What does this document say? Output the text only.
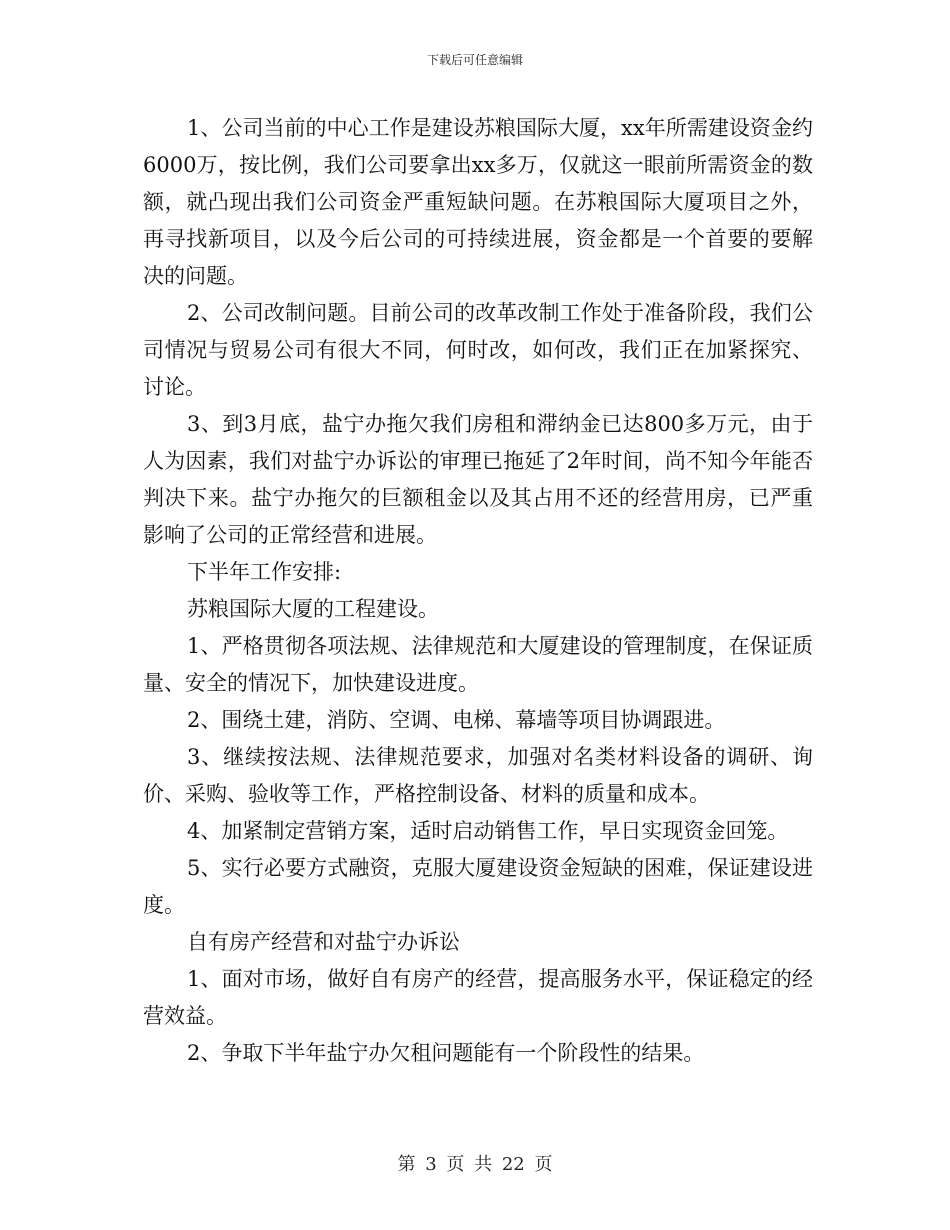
下载后可任意编辑

1、公司当前的中心工作是建设苏粮国际大厦，xx年所需建设资金约6000万，按比例，我们公司要拿出xx多万，仅就这一眼前所需资金的数额，就凸现出我们公司资金严重短缺问题。在苏粮国际大厦项目之外，再寻找新项目，以及今后公司的可持续进展，资金都是一个首要的要解决的问题。

2、公司改制问题。目前公司的改革改制工作处于准备阶段，我们公司情况与贸易公司有很大不同，何时改，如何改，我们正在加紧探究、讨论。

3、到3月底，盐宁办拖欠我们房租和滞纳金已达800多万元，由于人为因素，我们对盐宁办诉讼的审理已拖延了2年时间，尚不知今年能否判决下来。盐宁办拖欠的巨额租金以及其占用不还的经营用房，已严重影响了公司的正常经营和进展。

下半年工作安排:

苏粮国际大厦的工程建设。

1、严格贯彻各项法规、法律规范和大厦建设的管理制度，在保证质量、安全的情况下，加快建设进度。

2、围绕土建，消防、空调、电梯、幕墙等项目协调跟进。

3、继续按法规、法律规范要求，加强对名类材料设备的调研、询价、采购、验收等工作，严格控制设备、材料的质量和成本。

4、加紧制定营销方案，适时启动销售工作，早日实现资金回笼。

5、实行必要方式融资，克服大厦建设资金短缺的困难，保证建设进度。

自有房产经营和对盐宁办诉讼

1、面对市场，做好自有房产的经营，提高服务水平，保证稳定的经营效益。

2、争取下半年盐宁办欠租问题能有一个阶段性的结果。

第 3 页 共 22 页
